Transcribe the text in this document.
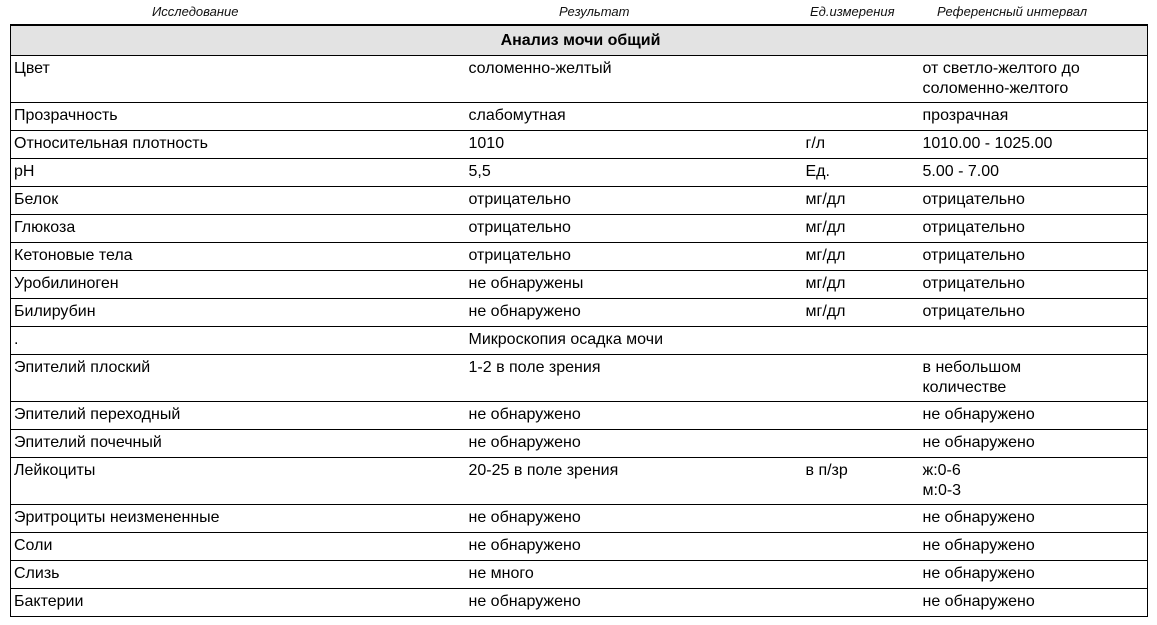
Исследование	Результат	Ед.измерения	Референсный интервал
Анализ мочи общий			
Цвет	соломенно-желтый		от светло-желтого до
соломенно-желтого
Прозрачность	слабомутная		прозрачная
Относительная плотность	1010	г/л	1010.00 - 1025.00
pH	5,5	Ед.	5.00 - 7.00
Белок	отрицательно	мг/дл	отрицательно
Глюкоза	отрицательно	мг/дл	отрицательно
Кетоновые тела	отрицательно	мг/дл	отрицательно
Уробилиноген	не обнаружены	мг/дл	отрицательно
Билирубин	не обнаружено	мг/дл	отрицательно
.	Микроскопия осадка мочи		
Эпителий плоский	1-2 в поле зрения		в небольшом
количестве
Эпителий переходный	не обнаружено		не обнаружено
Эпителий почечный	не обнаружено		не обнаружено
Лейкоциты	20-25 в поле зрения	в п/зр	ж:0-6
м:0-3
Эритроциты неизмененные	не обнаружено		не обнаружено
Соли	не обнаружено		не обнаружено
Слизь	не много		не обнаружено
Бактерии	не обнаружено		не обнаружено
